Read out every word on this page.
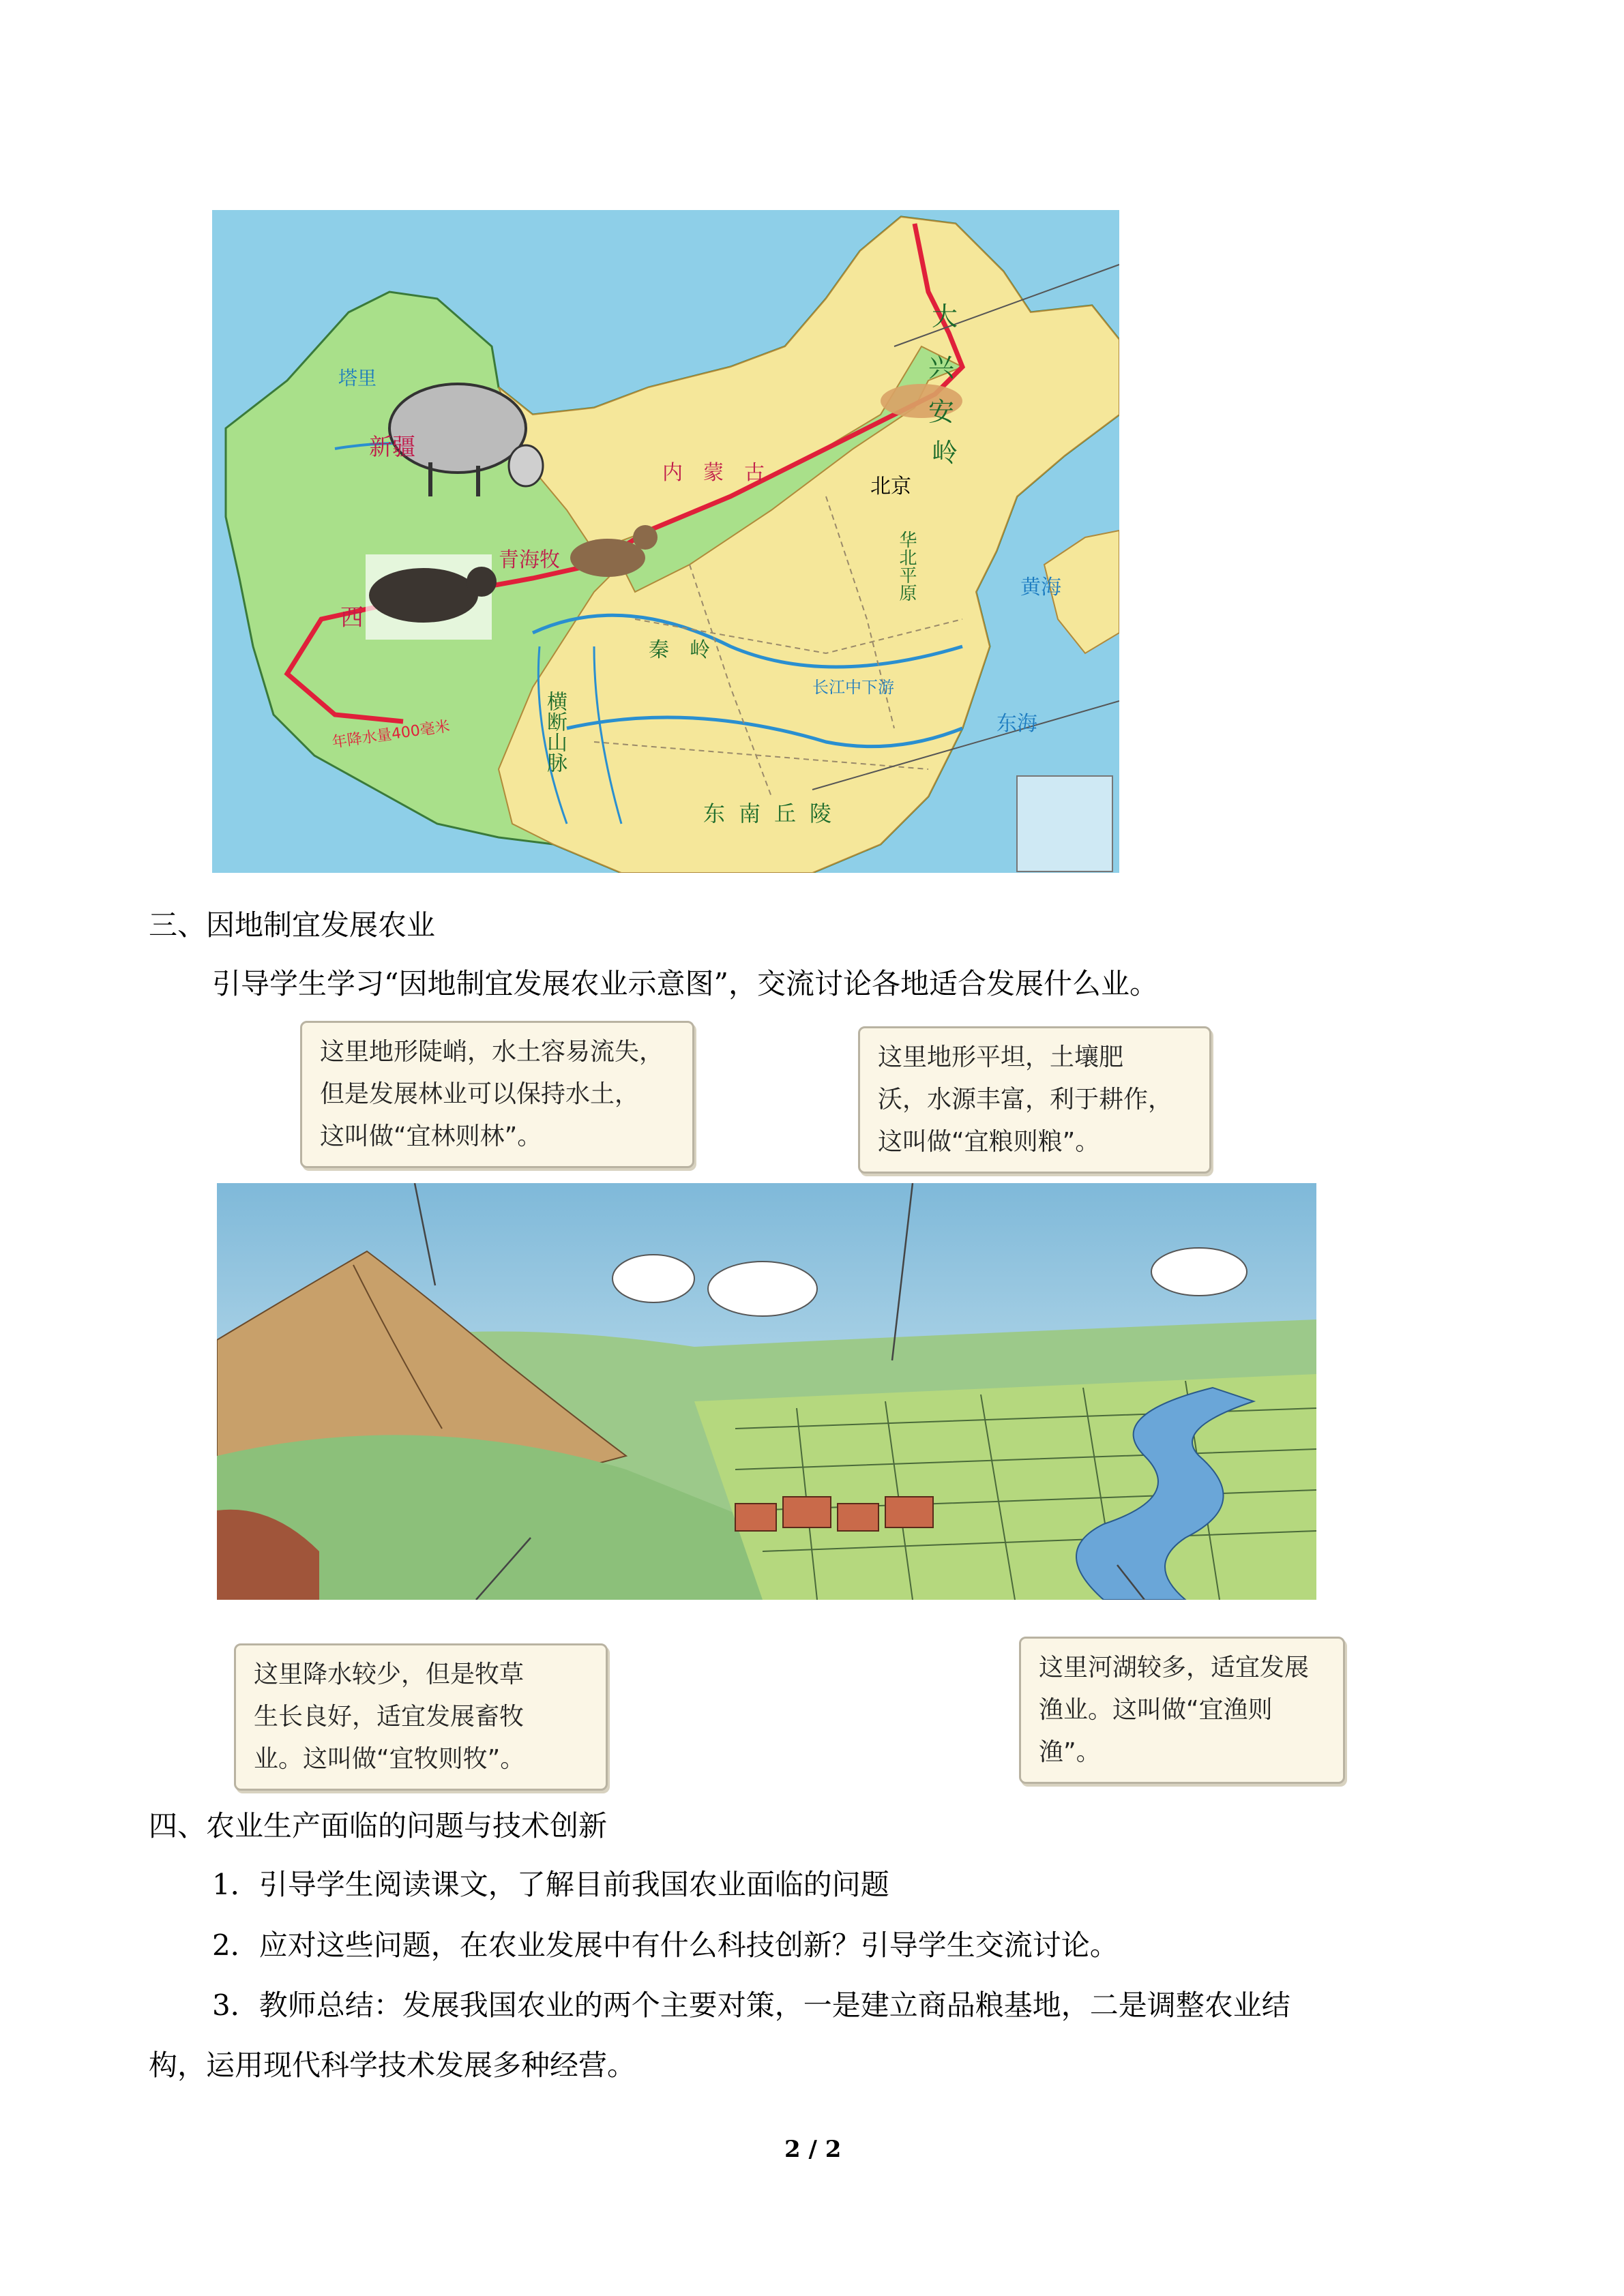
塔里
新疆
内　蒙　古
青海牧
西
北京
大
兴
安
岭
秦　岭
华北平原
横断山脉
东南丘陵
长江中下游
黄海
东海
年降水量400毫米
三、因地制宜发展农业
引导学生学习“因地制宜发展农业示意图”，交流讨论各地适合发展什么业。
这里地形陡峭，水土容易流失，
但是发展林业可以保持水土，
这叫做“宜林则林”。
这里地形平坦，土壤肥
沃，水源丰富，利于耕作，
这叫做“宜粮则粮”。
这里降水较少，但是牧草
生长良好，适宜发展畜牧
业。这叫做“宜牧则牧”。
这里河湖较多，适宜发展
渔业。这叫做“宜渔则
渔”。
四、农业生产面临的问题与技术创新
1．引导学生阅读课文，了解目前我国农业面临的问题
2．应对这些问题，在农业发展中有什么科技创新？引导学生交流讨论。
3．教师总结：发展我国农业的两个主要对策，一是建立商品粮基地，二是调整农业结
构，运用现代科学技术发展多种经营。
2 / 2
